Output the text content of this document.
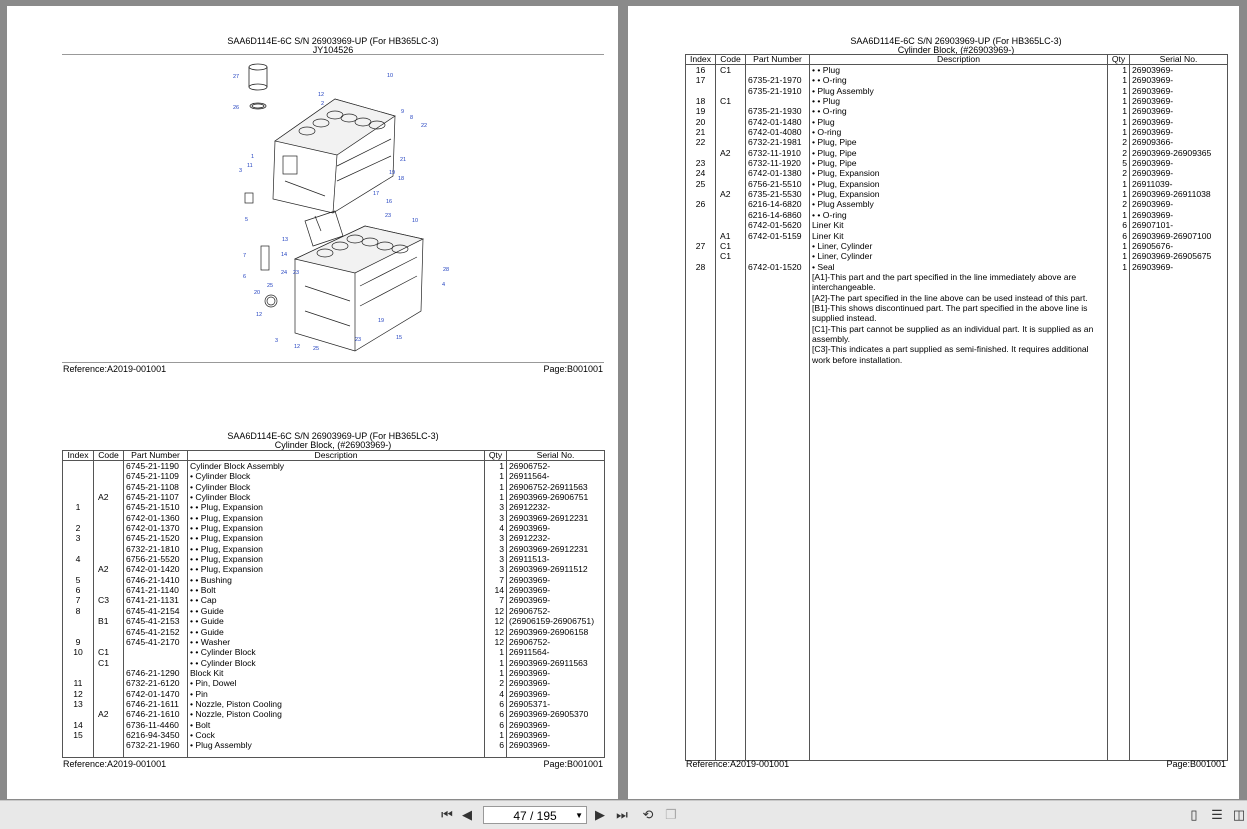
SAA6D114E-6C S/N 26903969-UP (For HB365LC-3)
JY104526
27
26
1
10
12
2
9
8
22
5
11
3
21
19
18
17
16
23
10
13
14
24
7
6
20
25
23	28
4
12
3
12 25
23	15
19
Reference:A2019-001001	Page:B001001
SAA6D114E-6C S/N 26903969-UP (For HB365LC-3)
Cylinder Block, (#26903969-)
Index	Code	Part Number	Description	Qty	Serial No.
		6745-21-1190	Cylinder Block Assembly	1	26906752-
		6745-21-1109	• Cylinder Block	1	26911564-
		6745-21-1108	• Cylinder Block	1	26906752-26911563
	A2	6745-21-1107	• Cylinder Block	1	26903969-26906751
1		6745-21-1510	• • Plug, Expansion	3	26912232-
		6742-01-1360	• • Plug, Expansion	3	26903969-26912231
2		6742-01-1370	• • Plug, Expansion	4	26903969-
3		6745-21-1520	• • Plug, Expansion	3	26912232-
		6732-21-1810	• • Plug, Expansion	3	26903969-26912231
4		6756-21-5520	• • Plug, Expansion	3	26911513-
	A2	6742-01-1420	• • Plug, Expansion	3	26903969-26911512
5		6746-21-1410	• • Bushing	7	26903969-
6		6741-21-1140	• • Bolt	14	26903969-
7	C3	6741-21-1131	• • Cap	7	26903969-
8		6745-41-2154	• • Guide	12	26906752-
	B1	6745-41-2153	• • Guide	12	(26906159-26906751)
		6745-41-2152	• • Guide	12	26903969-26906158
9		6745-41-2170	• • Washer	12	26906752-
10	C1		• • Cylinder Block	1	26911564-
	C1		• • Cylinder Block	1	26903969-26911563
		6746-21-1290	Block Kit	1	26903969-
11		6732-21-6120	• Pin, Dowel	2	26903969-
12		6742-01-1470	• Pin	4	26903969-
13		6746-21-1611	• Nozzle, Piston Cooling	6	26905371-
	A2	6746-21-1610	• Nozzle, Piston Cooling	6	26903969-26905370
14		6736-11-4460	• Bolt	6	26903969-
15		6216-94-3450	• Cock	1	26903969-
		6732-21-1960	• Plug Assembly	6	26903969-

Reference:A2019-001001	Page:B001001
SAA6D114E-6C S/N 26903969-UP (For HB365LC-3)
Cylinder Block, (#26903969-)
Index	Code	Part Number	Description	Qty	Serial No.
16	C1		• • Plug	1	26903969-
17		6735-21-1970	• • O-ring	1	26903969-
		6735-21-1910	• Plug Assembly	1	26903969-
18	C1		• • Plug	1	26903969-
19		6735-21-1930	• • O-ring	1	26903969-
20		6742-01-1480	• Plug	1	26903969-
21		6742-01-4080	• O-ring	1	26903969-
22		6732-21-1981	• Plug, Pipe	2	26909366-
	A2	6732-11-1910	• Plug, Pipe	2	26903969-26909365
23		6732-11-1920	• Plug, Pipe	5	26903969-
24		6742-01-1380	• Plug, Expansion	2	26903969-
25		6756-21-5510	• Plug, Expansion	1	26911039-
	A2	6735-21-5530	• Plug, Expansion	1	26903969-26911038
26		6216-14-6820	• Plug Assembly	2	26903969-
		6216-14-6860	• • O-ring	1	26903969-
		6742-01-5620	Liner Kit	6	26907101-
	A1	6742-01-5159	Liner Kit	6	26903969-26907100
27	C1		• Liner, Cylinder	1	26905676-
	C1		• Liner, Cylinder	1	26903969-26905675
28		6742-01-1520	• Seal	1	26903969-
			[A1]-This part and the part specified in the line immediately above are interchangeable.		
			[A2]-The part specified in the line above can be used instead of this part.		
			[B1]-This shows discontinued part. The part specified in the above line is supplied instead.		
			[C1]-This part cannot be supplied as an individual part. It is supplied as an assembly.		
			[C3]-This indicates a part supplied as semi-finished. It requires additional work before installation.		

Reference:A2019-001001	Page:B001001
⏮ ◀	47 / 195 ▼ ▶ ⏭ ⟲ ❐	▯	☰ ◫
